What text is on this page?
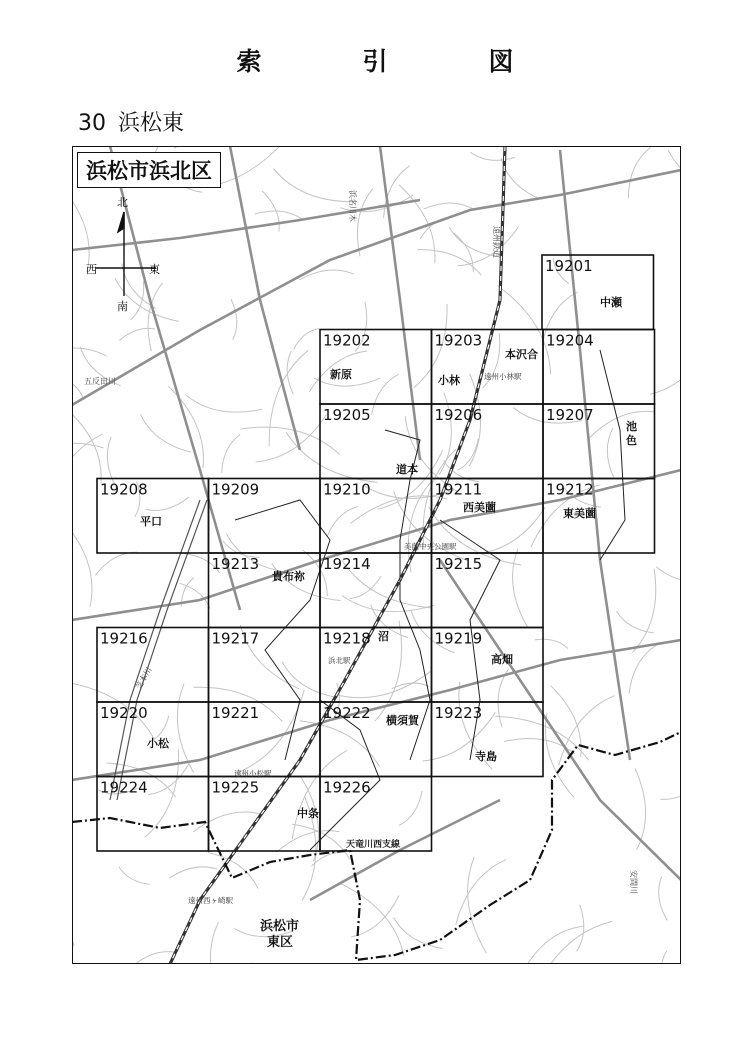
索　引　図
30 浜松東
19201
19202	19203	19204
19205	19206	19207
19208	19209	19210	19211	19212
19213	19214	19215
19216	19217	19218	19219
19220	19221	19222	19223
19224	19225	19226
北
南
西	東
中瀬
本沢合
新原	小林
池
色
道本
西美薗	東美薗
平口
貴布祢
沼
高畑
横須賀
小松
寺島
中条
遠州小林駅
美薗中央公園駅
浜北駅
遠州小松駅
遠州西ヶ崎駅
遠州鉄道
浜名川木
天竜川西支線
五反田川
芝本川
安間川
浜松市
東区
浜松市浜北区
